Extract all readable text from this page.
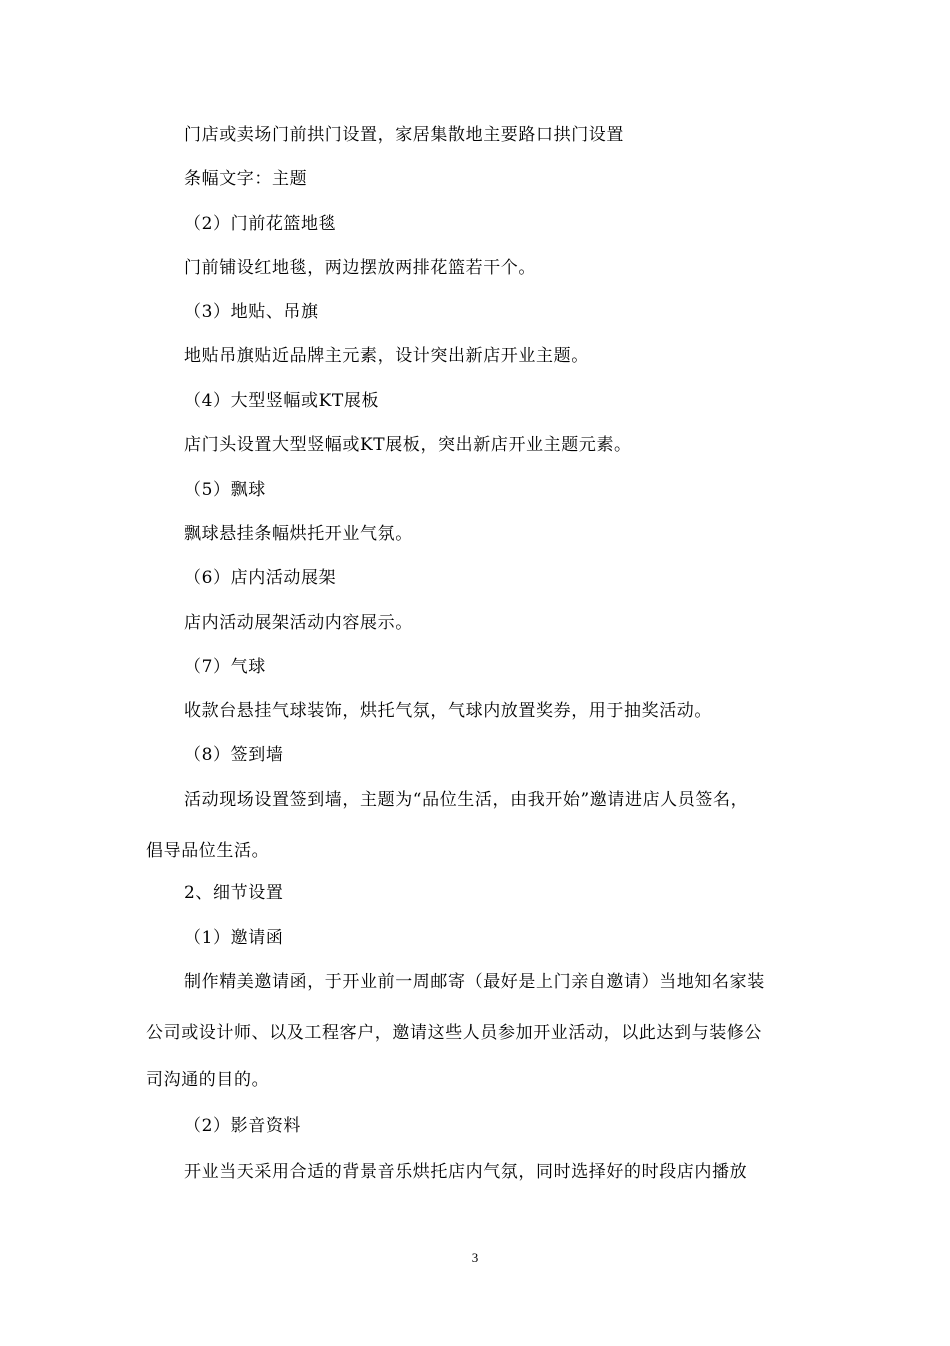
门店或卖场门前拱门设置，家居集散地主要路口拱门设置
条幅文字：主题
（2）门前花篮地毯
门前铺设红地毯，两边摆放两排花篮若干个。
（3）地贴、吊旗
地贴吊旗贴近品牌主元素，设计突出新店开业主题。
（4）大型竖幅或KT展板
店门头设置大型竖幅或KT展板，突出新店开业主题元素。
（5）飘球
飘球悬挂条幅烘托开业气氛。
（6）店内活动展架
店内活动展架活动内容展示。
（7）气球
收款台悬挂气球装饰，烘托气氛，气球内放置奖券，用于抽奖活动。
（8）签到墙
活动现场设置签到墙，主题为“品位生活，由我开始”邀请进店人员签名，
倡导品位生活。
2、细节设置
（1）邀请函
制作精美邀请函，于开业前一周邮寄（最好是上门亲自邀请）当地知名家装
公司或设计师、以及工程客户，邀请这些人员参加开业活动，以此达到与装修公
司沟通的目的。
（2）影音资料
开业当天采用合适的背景音乐烘托店内气氛，同时选择好的时段店内播放
3
